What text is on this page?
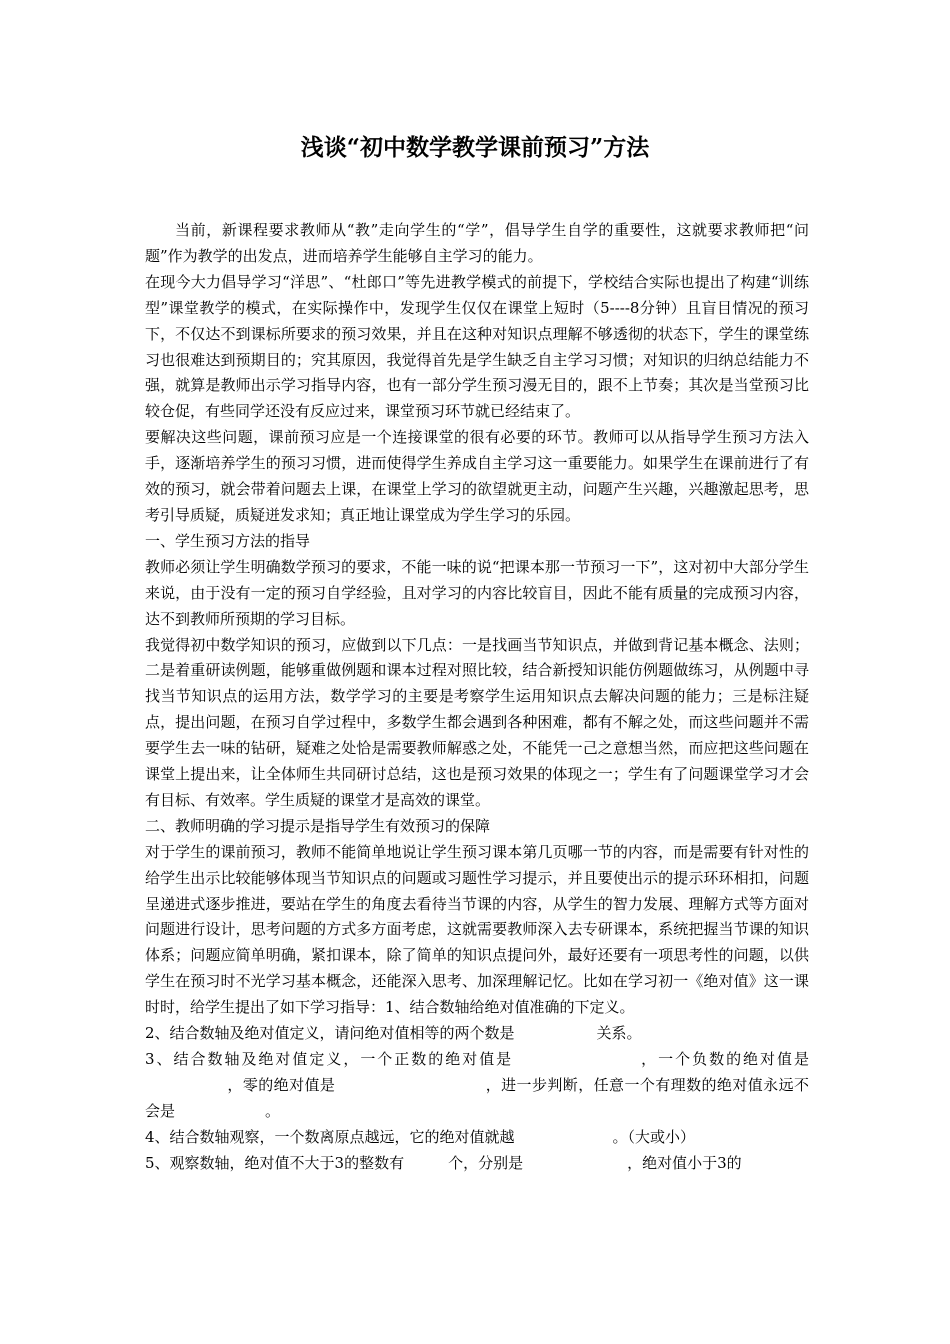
浅谈“初中数学教学课前预习”方法

当前，新课程要求教师从“教”走向学生的“学”，倡导学生自学的重要性，这就要求教师把“问题”作为教学的出发点，进而培养学生能够自主学习的能力。

在现今大力倡导学习“洋思”、“杜郎口”等先进教学模式的前提下，学校结合实际也提出了构建“训练型”课堂教学的模式，在实际操作中，发现学生仅仅在课堂上短时（5----8分钟）且盲目情况的预习下，不仅达不到课标所要求的预习效果，并且在这种对知识点理解不够透彻的状态下，学生的课堂练习也很难达到预期目的；究其原因，我觉得首先是学生缺乏自主学习习惯；对知识的归纳总结能力不强，就算是教师出示学习指导内容，也有一部分学生预习漫无目的，跟不上节奏；其次是当堂预习比较仓促，有些同学还没有反应过来，课堂预习环节就已经结束了。

要解决这些问题，课前预习应是一个连接课堂的很有必要的环节。教师可以从指导学生预习方法入手，逐渐培养学生的预习习惯，进而使得学生养成自主学习这一重要能力。如果学生在课前进行了有效的预习，就会带着问题去上课，在课堂上学习的欲望就更主动，问题产生兴趣，兴趣激起思考，思考引导质疑，质疑迸发求知；真正地让课堂成为学生学习的乐园。

一、学生预习方法的指导

教师必须让学生明确数学预习的要求，不能一味的说“把课本那一节预习一下”，这对初中大部分学生来说，由于没有一定的预习自学经验，且对学习的内容比较盲目，因此不能有质量的完成预习内容，达不到教师所预期的学习目标。

我觉得初中数学知识的预习，应做到以下几点：一是找画当节知识点，并做到背记基本概念、法则；二是着重研读例题，能够重做例题和课本过程对照比较，结合新授知识能仿例题做练习，从例题中寻找当节知识点的运用方法，数学学习的主要是考察学生运用知识点去解决问题的能力；三是标注疑点，提出问题，在预习自学过程中，多数学生都会遇到各种困难，都有不解之处，而这些问题并不需要学生去一味的钻研，疑难之处恰是需要教师解惑之处，不能凭一己之意想当然，而应把这些问题在课堂上提出来，让全体师生共同研讨总结，这也是预习效果的体现之一；学生有了问题课堂学习才会有目标、有效率。学生质疑的课堂才是高效的课堂。

二、教师明确的学习提示是指导学生有效预习的保障

对于学生的课前预习，教师不能简单地说让学生预习课本第几页哪一节的内容，而是需要有针对性的给学生出示比较能够体现当节知识点的问题或习题性学习提示，并且要使出示的提示环环相扣，问题呈递进式逐步推进，要站在学生的角度去看待当节课的内容，从学生的智力发展、理解方式等方面对问题进行设计，思考问题的方式多方面考虑，这就需要教师深入去专研课本，系统把握当节课的知识体系；问题应简单明确，紧扣课本，除了简单的知识点提问外，最好还要有一项思考性的问题，以供学生在预习时不光学习基本概念，还能深入思考、加深理解记忆。比如在学习初一《绝对值》这一课时时，给学生提出了如下学习指导：1、结合数轴给绝对值准确的下定义。

2、结合数轴及绝对值定义，请问绝对值相等的两个数是	关系。

3、结合数轴及绝对值定义，一个正数的绝对值是	，一个负数的绝对值是，零的绝对值是	，进一步判断，任意一个有理数的绝对值永远不会是	。

4、结合数轴观察，一个数离原点越远，它的绝对值就越	。（大或小）

5、观察数轴，绝对值不大于3的整数有	个，分别是	，绝对值小于3的
